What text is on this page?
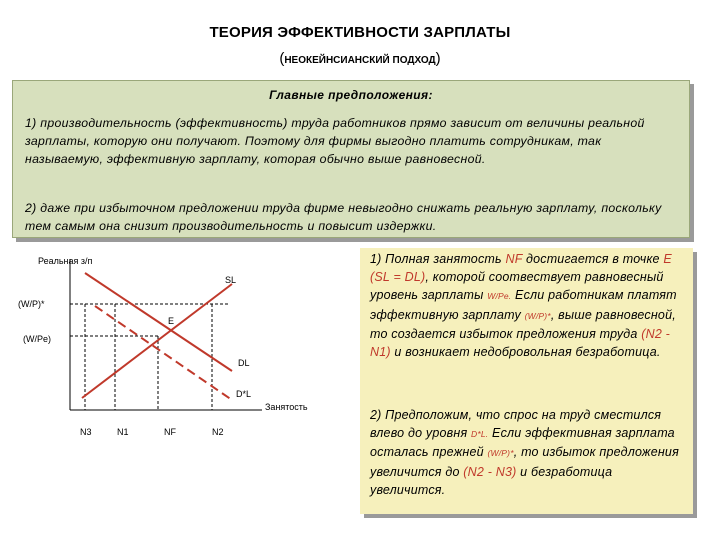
ТЕОРИЯ ЭФФЕКТИВНОСТИ ЗАРПЛАТЫ
(НЕОКЕЙНСИАНСКИЙ ПОДХОД)
Главные предположения:

1) производительность (эффективность) труда работников прямо зависит от величины реальной зарплаты, которую они получают. Поэтому для фирмы выгодно платить сотрудникам, так называемую, эффективную зарплату, которая обычно выше равновесной.

2) даже при избыточном предложении труда фирме невыгодно снижать реальную зарплату, поскольку тем самым она снизит производительность и повысит издержки.

Реальная з/п
Занятость
(W/P)*
(W/Pe)
SL
E
DL
D*L
N3	N1	NF	N2

1) Полная занятость NF достигается в точке E (SL = DL), которой соотвествует равновесный уровень зарплаты W/Pe. Если работникам платят эффективную зарплату (W/P)*, выше равновесной, то создается избыток предложения труда (N2 - N1) и возникает недобровольная безработица.

2) Предположим, что спрос на труд сместился влево до уровня D*L. Если эффективная зарплата осталась прежней (W/P)*, то избыток предложения увеличится до (N2 - N3) и безработица увеличится.
